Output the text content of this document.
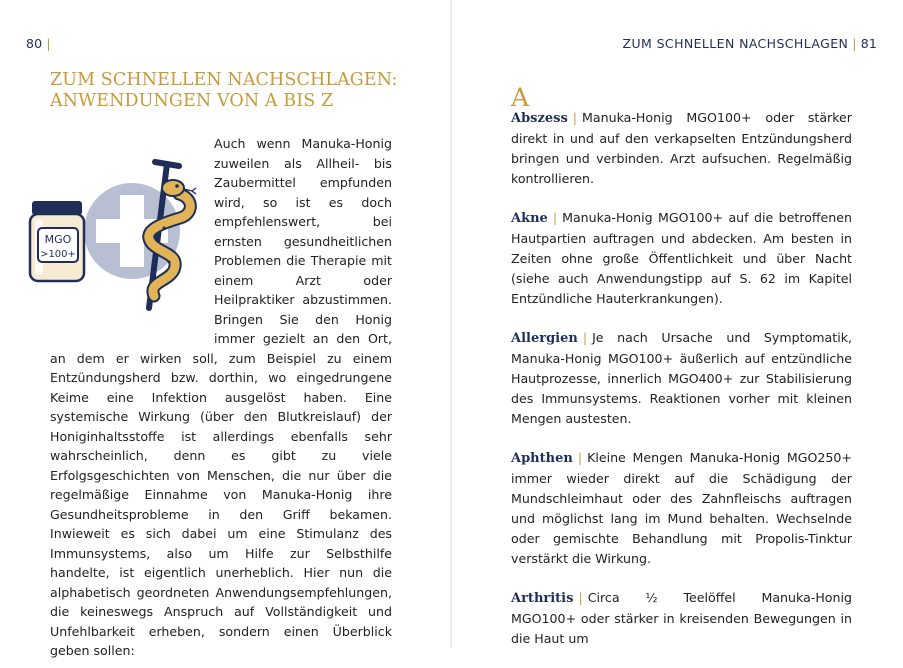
80 |
ZUM SCHNELLEN NACHSCHLAGEN:
ANWENDUNGEN VON A BIS Z
MGO
>100+

Auch wenn Manuka-Honig zuweilen als Allheil- bis Zaubermittel empfunden wird, so ist es doch empfehlenswert, bei ernsten gesundheitlichen Problemen die Therapie mit einem Arzt oder Heilpraktiker abzustimmen. Bringen Sie den Honig immer gezielt an den Ort, an dem er wirken soll, zum Beispiel zu einem Entzündungsherd bzw. dorthin, wo eingedrungene Keime eine Infektion ausgelöst haben. Eine systemische Wirkung (über den Blutkreislauf) der Honiginhaltsstoffe ist allerdings ebenfalls sehr wahrscheinlich, denn es gibt zu viele Erfolgsgeschichten von Menschen, die nur über die regelmäßige Einnahme von Manuka-Honig ihre Gesundheitsprobleme in den Griff bekamen. Inwieweit es sich dabei um eine Stimulanz des Immunsystems, also um Hilfe zur Selbsthilfe handelte, ist eigentlich unerheblich. Hier nun die alphabetisch geordneten Anwendungsempfehlungen, die keineswegs Anspruch auf Vollständigkeit und Unfehlbarkeit erheben, sondern einen Überblick geben sollen:

ZUM SCHNELLEN NACHSCHLAGEN | 81
A

Abszess | Manuka-Honig MGO100+ oder stärker direkt in und auf den verkapselten Entzündungsherd bringen und verbinden. Arzt aufsuchen. Regelmäßig kontrollieren.

Akne | Manuka-Honig MGO100+ auf die betroffenen Hautpartien auftragen und abdecken. Am besten in Zeiten ohne große Öffentlichkeit und über Nacht (siehe auch Anwendungstipp auf S. 62 im Kapitel Entzündliche Hauterkrankungen).

Allergien | Je nach Ursache und Symptomatik, Manuka-Honig MGO100+ äußerlich auf entzündliche Hautprozesse, innerlich MGO400+ zur Stabilisierung des Immunsystems. Reaktionen vorher mit kleinen Mengen austesten.

Aphthen | Kleine Mengen Manuka-Honig MGO250+ immer wieder direkt auf die Schädigung der Mundschleimhaut oder des Zahnfleischs auftragen und möglichst lang im Mund behalten. Wechselnde oder gemischte Behandlung mit Propolis-Tinktur verstärkt die Wirkung.

Arthritis | Circa ½ Teelöffel Manuka-Honig MGO100+ oder stärker in kreisenden Bewegungen in die Haut um
